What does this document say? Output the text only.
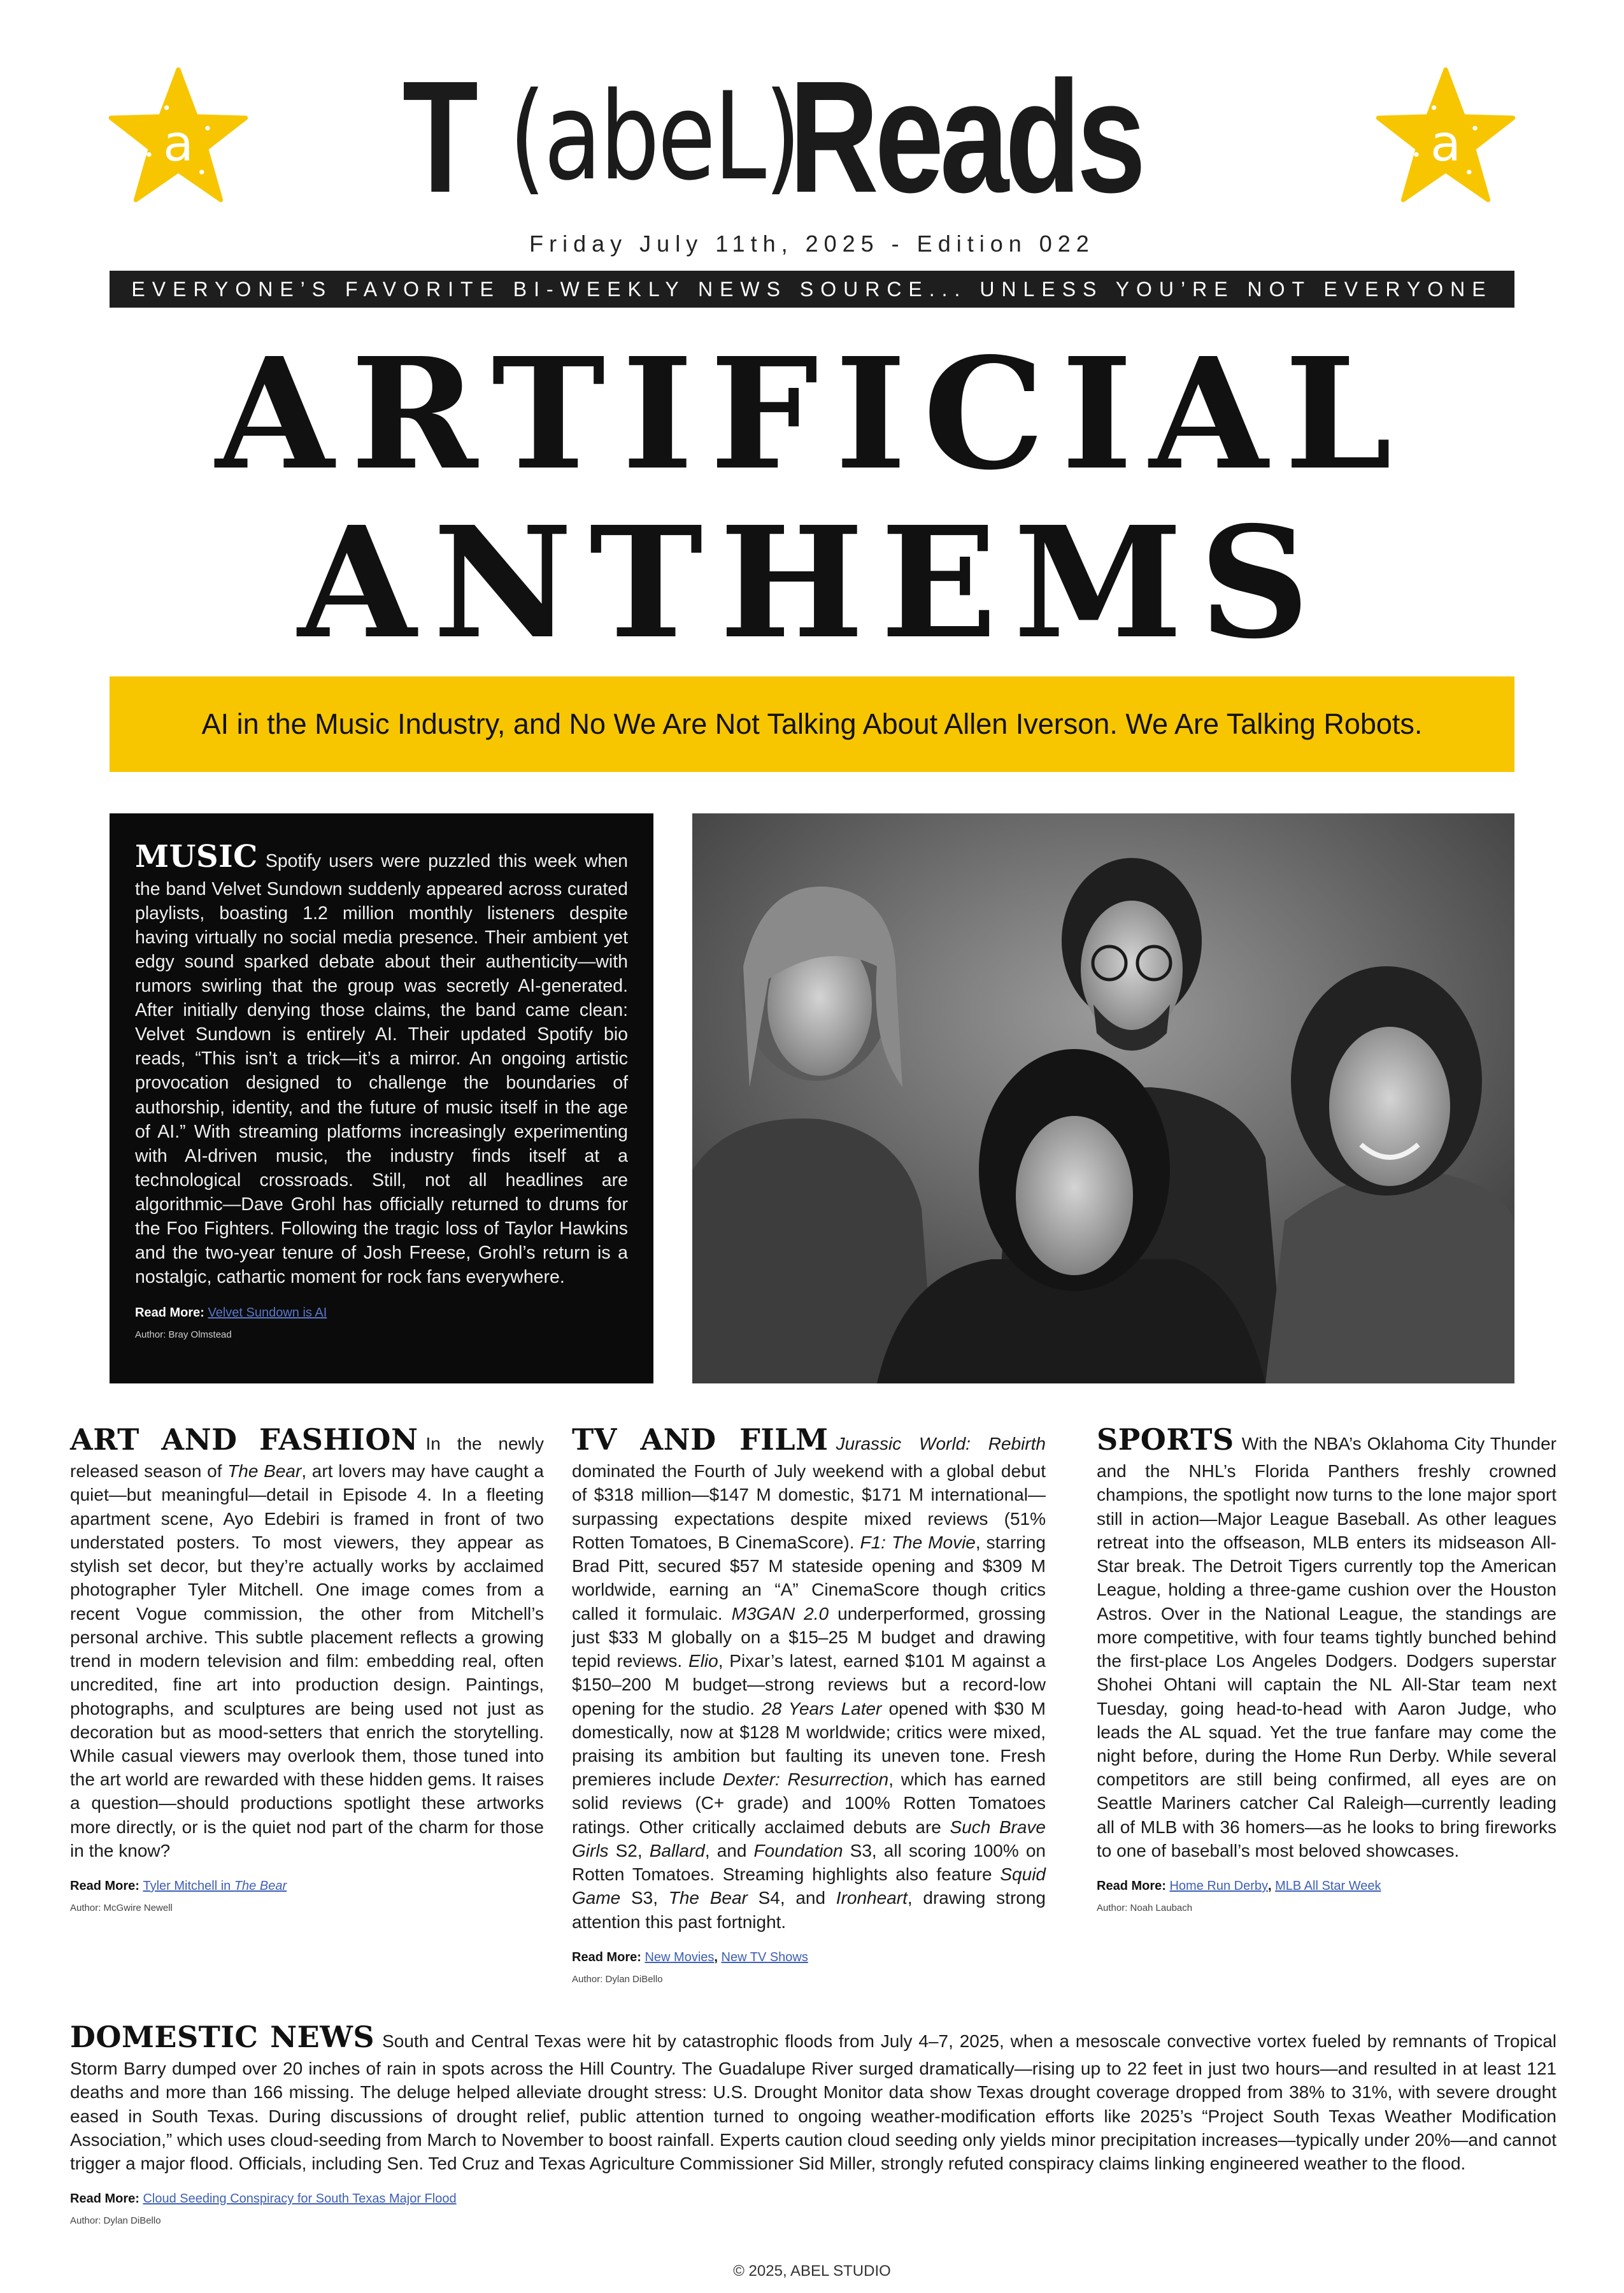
a	a
T (abeL)
Reads
Friday July 11th, 2025 - Edition 022
EVERYONE’S FAVORITE BI-WEEKLY NEWS SOURCE... UNLESS YOU’RE NOT EVERYONE
ARTIFICIAL
ANTHEMS
AI in the Music Industry, and No We Are Not Talking About Allen Iverson. We Are Talking Robots.
MUSIC Spotify users were puzzled this week when the band Velvet Sundown suddenly appeared across curated playlists, boasting 1.2 million monthly listeners despite having virtually no social media presence. Their ambient yet edgy sound sparked debate about their authenticity—with rumors swirling that the group was secretly AI-generated. After initially denying those claims, the band came clean: Velvet Sundown is entirely AI. Their updated Spotify bio reads, “This isn’t a trick—it’s a mirror. An ongoing artistic provocation designed to challenge the boundaries of authorship, identity, and the future of music itself in the age of AI.” With streaming platforms increasingly experimenting with AI-driven music, the industry finds itself at a technological crossroads. Still, not all headlines are algorithmic—Dave Grohl has officially returned to drums for the Foo Fighters. Following the tragic loss of Taylor Hawkins and the two-year tenure of Josh Freese, Grohl’s return is a nostalgic, cathartic moment for rock fans everywhere.
Read More: Velvet Sundown is AI
Author: Bray Olmstead
ART AND FASHION In the newly released season of The Bear, art lovers may have caught a quiet—but meaningful—detail in Episode 4. In a fleeting apartment scene, Ayo Edebiri is framed in front of two understated posters. To most viewers, they appear as stylish set decor, but they’re actually works by acclaimed photographer Tyler Mitchell. One image comes from a recent Vogue commission, the other from Mitchell’s personal archive. This subtle placement reflects a growing trend in modern television and film: embedding real, often uncredited, fine art into production design. Paintings, photographs, and sculptures are being used not just as decoration but as mood-setters that enrich the storytelling. While casual viewers may overlook them, those tuned into the art world are rewarded with these hidden gems. It raises a question—should productions spotlight these artworks more directly, or is the quiet nod part of the charm for those in the know?
Read More: Tyler Mitchell in The Bear
Author: McGwire Newell
TV AND FILM Jurassic World: Rebirth dominated the Fourth of July weekend with a global debut of $318 million—$147 M domestic, $171 M international—surpassing expectations despite mixed reviews (51% Rotten Tomatoes, B CinemaScore). F1: The Movie, starring Brad Pitt, secured $57 M stateside opening and $309 M worldwide, earning an “A” CinemaScore though critics called it formulaic. M3GAN 2.0 underperformed, grossing just $33 M globally on a $15–25 M budget and drawing tepid reviews. Elio, Pixar’s latest, earned $101 M against a $150–200 M budget—strong reviews but a record-low opening for the studio. 28 Years Later opened with $30 M domestically, now at $128 M worldwide; critics were mixed, praising its ambition but faulting its uneven tone. Fresh premieres include Dexter: Resurrection, which has earned solid reviews (C+ grade) and 100% Rotten Tomatoes ratings. Other critically acclaimed debuts are Such Brave Girls S2, Ballard, and Foundation S3, all scoring 100% on Rotten Tomatoes. Streaming highlights also feature Squid Game S3, The Bear S4, and Ironheart, drawing strong attention this past fortnight.
Read More: New Movies, New TV Shows
Author: Dylan DiBello
SPORTS With the NBA’s Oklahoma City Thunder and the NHL’s Florida Panthers freshly crowned champions, the spotlight now turns to the lone major sport still in action—Major League Baseball. As other leagues retreat into the offseason, MLB enters its midseason All-Star break. The Detroit Tigers currently top the American League, holding a three-game cushion over the Houston Astros. Over in the National League, the standings are more competitive, with four teams tightly bunched behind the first-place Los Angeles Dodgers. Dodgers superstar Shohei Ohtani will captain the NL All-Star team next Tuesday, going head-to-head with Aaron Judge, who leads the AL squad. Yet the true fanfare may come the night before, during the Home Run Derby. While several competitors are still being confirmed, all eyes are on Seattle Mariners catcher Cal Raleigh—currently leading all of MLB with 36 homers—as he looks to bring fireworks to one of baseball’s most beloved showcases.
Read More: Home Run Derby, MLB All Star Week
Author: Noah Laubach
DOMESTIC NEWS South and Central Texas were hit by catastrophic floods from July 4–7, 2025, when a mesoscale convective vortex fueled by remnants of Tropical Storm Barry dumped over 20 inches of rain in spots across the Hill Country. The Guadalupe River surged dramatically—rising up to 22 feet in just two hours—and resulted in at least 121 deaths and more than 166 missing. The deluge helped alleviate drought stress: U.S. Drought Monitor data show Texas drought coverage dropped from 38% to 31%, with severe drought eased in South Texas. During discussions of drought relief, public attention turned to ongoing weather-modification efforts like 2025’s “Project South Texas Weather Modification Association,” which uses cloud-seeding from March to November to boost rainfall. Experts caution cloud seeding only yields minor precipitation increases—typically under 20%—and cannot trigger a major flood. Officials, including Sen. Ted Cruz and Texas Agriculture Commissioner Sid Miller, strongly refuted conspiracy claims linking engineered weather to the flood.
Read More: Cloud Seeding Conspiracy for South Texas Major Flood
Author: Dylan DiBello
© 2025, ABEL STUDIO
